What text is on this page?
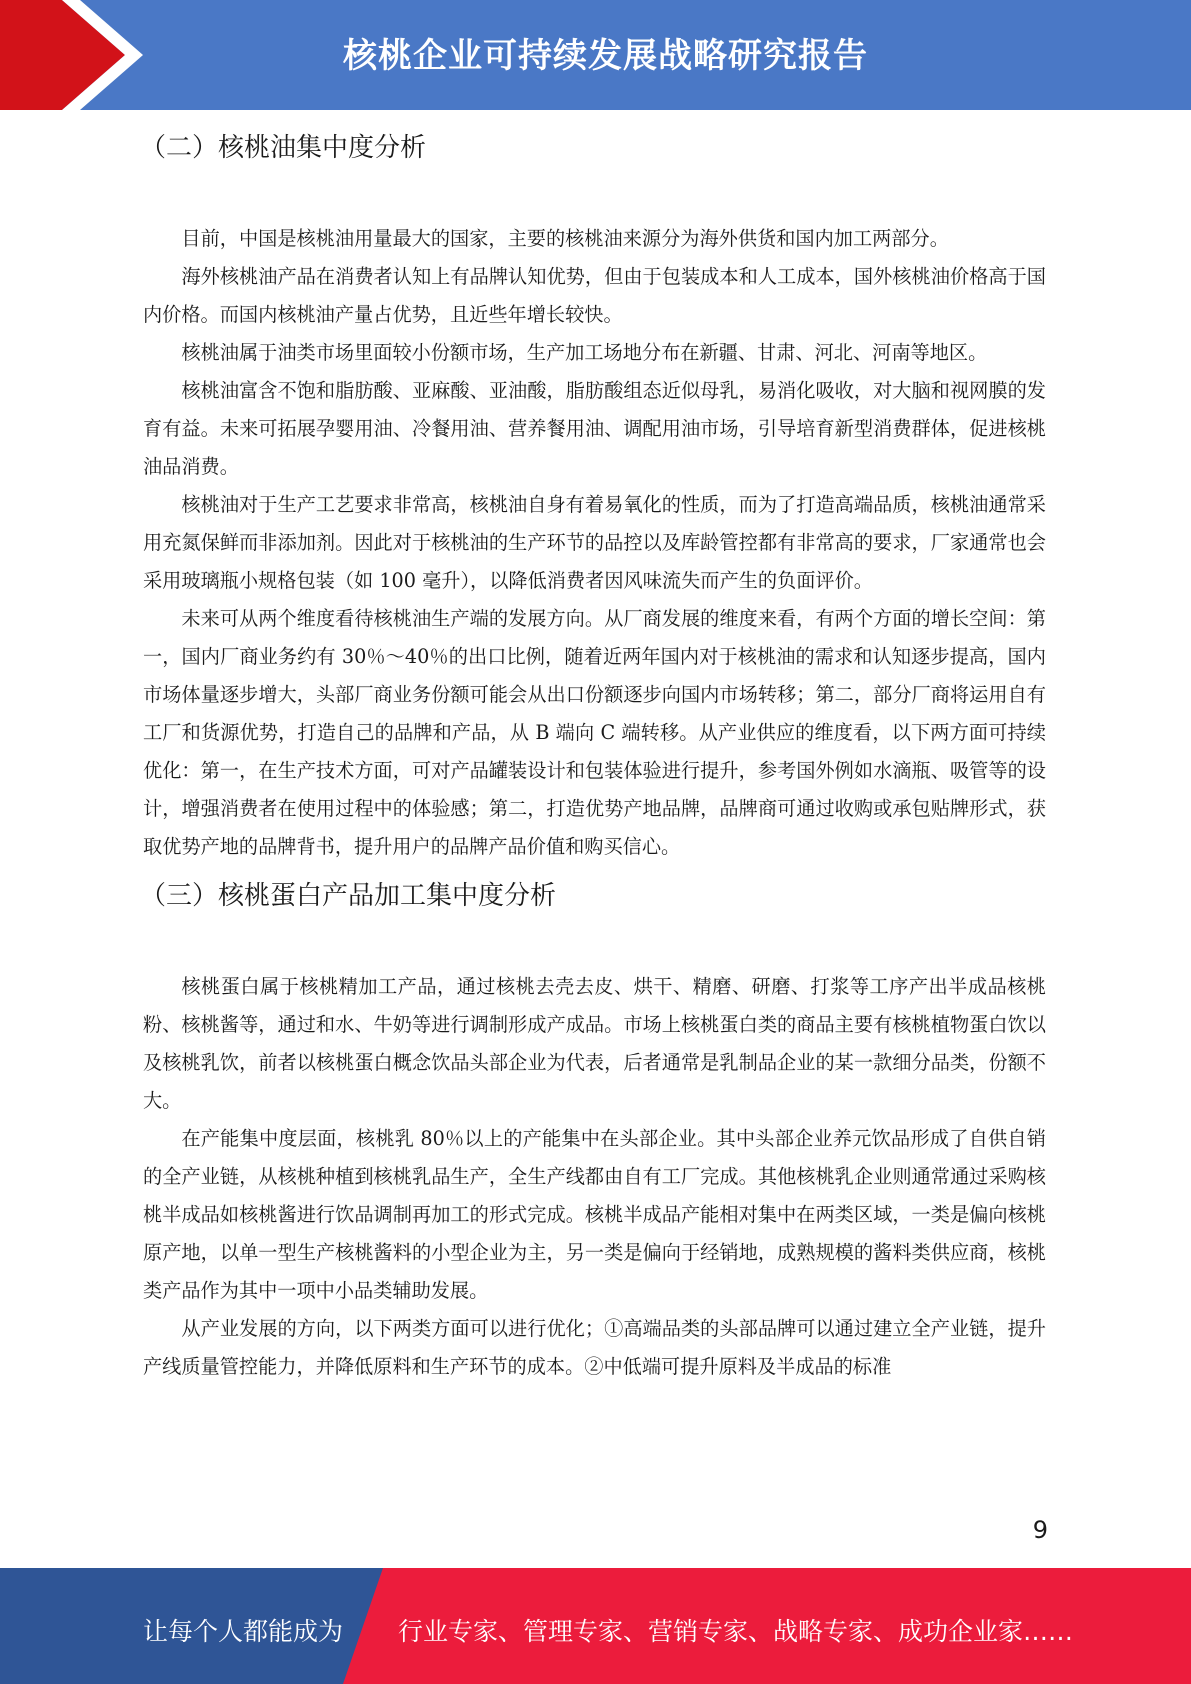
核桃企业可持续发展战略研究报告
（二）核桃油集中度分析

目前，中国是核桃油用量最大的国家，主要的核桃油来源分为海外供货和国内加工两部分。

海外核桃油产品在消费者认知上有品牌认知优势，但由于包装成本和人工成本，国外核桃油价格高于国内价格。而国内核桃油产量占优势，且近些年增长较快。

核桃油属于油类市场里面较小份额市场，生产加工场地分布在新疆、甘肃、河北、河南等地区。

核桃油富含不饱和脂肪酸、亚麻酸、亚油酸，脂肪酸组态近似母乳，易消化吸收，对大脑和视网膜的发育有益。未来可拓展孕婴用油、冷餐用油、营养餐用油、调配用油市场，引导培育新型消费群体，促进核桃油品消费。

核桃油对于生产工艺要求非常高，核桃油自身有着易氧化的性质，而为了打造高端品质，核桃油通常采用充氮保鲜而非添加剂。因此对于核桃油的生产环节的品控以及库龄管控都有非常高的要求，厂家通常也会采用玻璃瓶小规格包装（如 100 毫升），以降低消费者因风味流失而产生的负面评价。

未来可从两个维度看待核桃油生产端的发展方向。从厂商发展的维度来看，有两个方面的增长空间：第一，国内厂商业务约有 30％～40％的出口比例，随着近两年国内对于核桃油的需求和认知逐步提高，国内市场体量逐步增大，头部厂商业务份额可能会从出口份额逐步向国内市场转移；第二，部分厂商将运用自有工厂和货源优势，打造自己的品牌和产品，从 B 端向 C 端转移。从产业供应的维度看，以下两方面可持续优化：第一，在生产技术方面，可对产品罐装设计和包装体验进行提升，参考国外例如水滴瓶、吸管等的设计，增强消费者在使用过程中的体验感；第二，打造优势产地品牌，品牌商可通过收购或承包贴牌形式，获取优势产地的品牌背书，提升用户的品牌产品价值和购买信心。

（三）核桃蛋白产品加工集中度分析

核桃蛋白属于核桃精加工产品，通过核桃去壳去皮、烘干、精磨、研磨、打浆等工序产出半成品核桃粉、核桃酱等，通过和水、牛奶等进行调制形成产成品。市场上核桃蛋白类的商品主要有核桃植物蛋白饮以及核桃乳饮，前者以核桃蛋白概念饮品头部企业为代表，后者通常是乳制品企业的某一款细分品类，份额不大。

在产能集中度层面，核桃乳 80％以上的产能集中在头部企业。其中头部企业养元饮品形成了自供自销的全产业链，从核桃种植到核桃乳品生产，全生产线都由自有工厂完成。其他核桃乳企业则通常通过采购核桃半成品如核桃酱进行饮品调制再加工的形式完成。核桃半成品产能相对集中在两类区域，一类是偏向核桃原产地，以单一型生产核桃酱料的小型企业为主，另一类是偏向于经销地，成熟规模的酱料类供应商，核桃类产品作为其中一项中小品类辅助发展。

从产业发展的方向，以下两类方面可以进行优化；①高端品类的头部品牌可以通过建立全产业链，提升产线质量管控能力，并降低原料和生产环节的成本。②中低端可提升原料及半成品的标准

9
让每个人都能成为 行业专家、管理专家、营销专家、战略专家、成功企业家……
